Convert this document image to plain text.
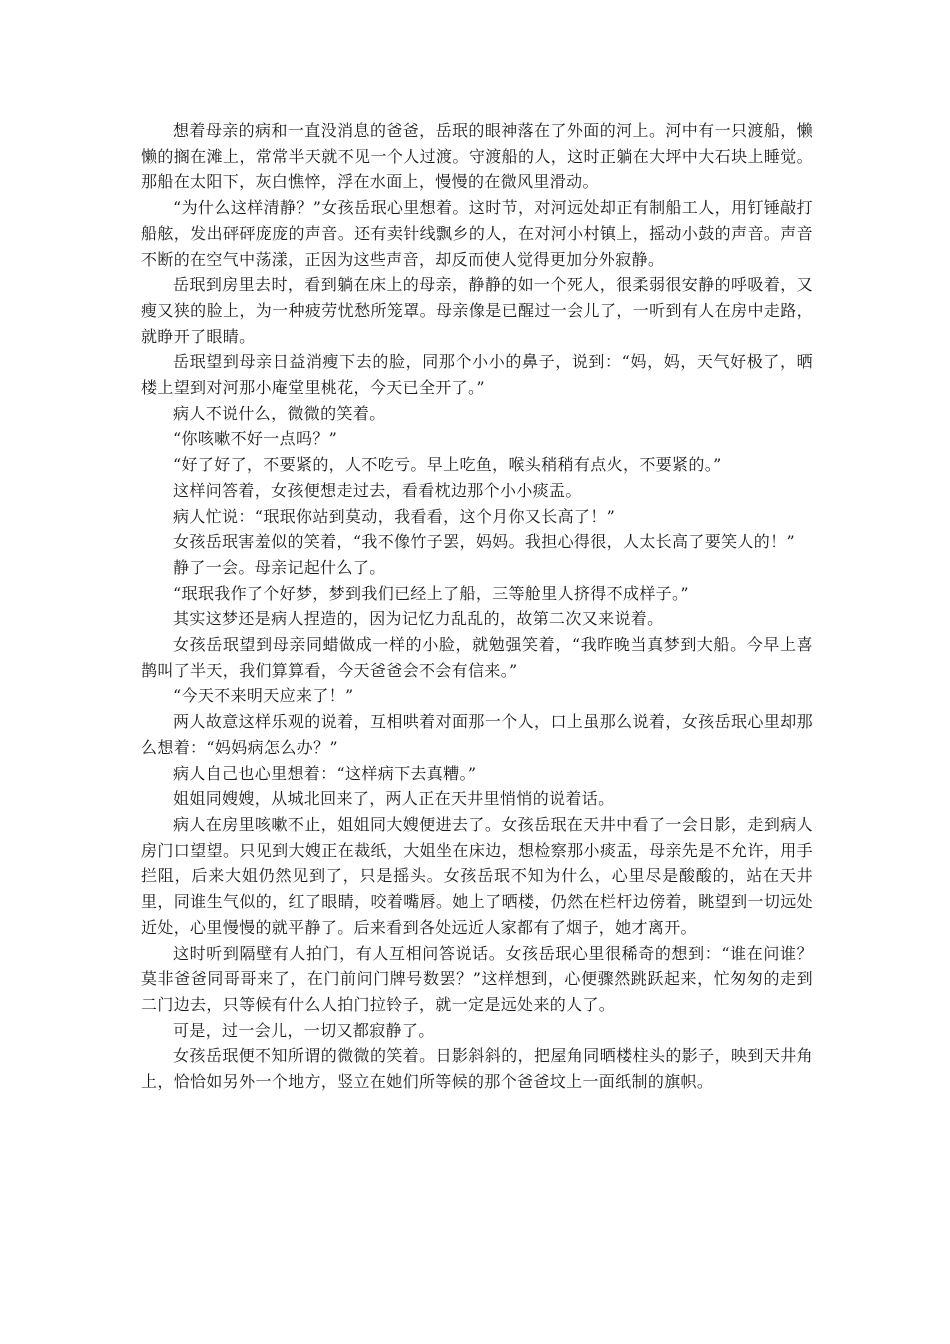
想着母亲的病和一直没消息的爸爸，岳珉的眼神落在了外面的河上。河中有一只渡船，懒懒的搁在滩上，常常半天就不见一个人过渡。守渡船的人，这时正躺在大坪中大石块上睡觉。那船在太阳下，灰白憔悴，浮在水面上，慢慢的在微风里滑动。

“为什么这样清静？”女孩岳珉心里想着。这时节，对河远处却正有制船工人，用钉锤敲打船舷，发出砰砰庞庞的声音。还有卖针线飘乡的人，在对河小村镇上，摇动小鼓的声音。声音不断的在空气中荡漾，正因为这些声音，却反而使人觉得更加分外寂静。

岳珉到房里去时，看到躺在床上的母亲，静静的如一个死人，很柔弱很安静的呼吸着，又瘦又狭的脸上，为一种疲劳忧愁所笼罩。母亲像是已醒过一会儿了，一听到有人在房中走路，就睁开了眼睛。

岳珉望到母亲日益消瘦下去的脸，同那个小小的鼻子，说到：“妈，妈，天气好极了，晒楼上望到对河那小庵堂里桃花，今天已全开了。”

病人不说什么，微微的笑着。

“你咳嗽不好一点吗？”

“好了好了，不要紧的，人不吃亏。早上吃鱼，喉头稍稍有点火，不要紧的。”

这样问答着，女孩便想走过去，看看枕边那个小小痰盂。

病人忙说：“珉珉你站到莫动，我看看，这个月你又长高了！”

女孩岳珉害羞似的笑着，“我不像竹子罢，妈妈。我担心得很，人太长高了要笑人的！”

静了一会。母亲记起什么了。

“珉珉我作了个好梦，梦到我们已经上了船，三等舱里人挤得不成样子。”

其实这梦还是病人捏造的，因为记忆力乱乱的，故第二次又来说着。

女孩岳珉望到母亲同蜡做成一样的小脸，就勉强笑着，“我昨晚当真梦到大船。今早上喜鹊叫了半天，我们算算看，今天爸爸会不会有信来。”

“今天不来明天应来了！”

两人故意这样乐观的说着，互相哄着对面那一个人，口上虽那么说着，女孩岳珉心里却那么想着：“妈妈病怎么办？”

病人自己也心里想着：“这样病下去真糟。”

姐姐同嫂嫂，从城北回来了，两人正在天井里悄悄的说着话。

病人在房里咳嗽不止，姐姐同大嫂便进去了。女孩岳珉在天井中看了一会日影，走到病人房门口望望。只见到大嫂正在裁纸，大姐坐在床边，想检察那小痰盂，母亲先是不允许，用手拦阻，后来大姐仍然见到了，只是摇头。女孩岳珉不知为什么，心里尽是酸酸的，站在天井里，同谁生气似的，红了眼睛，咬着嘴唇。她上了晒楼，仍然在栏杆边傍着，眺望到一切远处近处，心里慢慢的就平静了。后来看到各处远近人家都有了烟子，她才离开。

这时听到隔壁有人拍门，有人互相问答说话。女孩岳珉心里很稀奇的想到：“谁在问谁？莫非爸爸同哥哥来了，在门前问门牌号数罢？”这样想到，心便骤然跳跃起来，忙匆匆的走到二门边去，只等候有什么人拍门拉铃子，就一定是远处来的人了。

可是，过一会儿，一切又都寂静了。

女孩岳珉便不知所谓的微微的笑着。日影斜斜的，把屋角同晒楼柱头的影子，映到天井角上，恰恰如另外一个地方，竖立在她们所等候的那个爸爸坟上一面纸制的旗帜。
